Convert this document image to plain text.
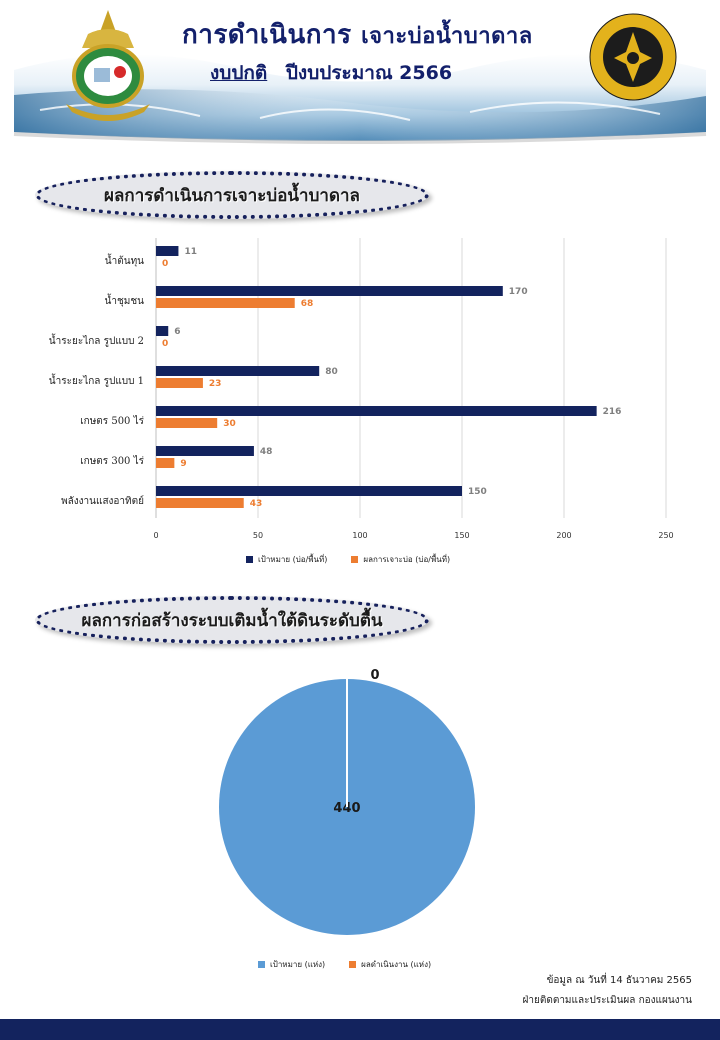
การดำเนินการ เจาะบ่อน้ำบาดาล
งบปกติ ปีงบประมาณ 2566
ผลการดำเนินการเจาะบ่อน้ำบาดาล
0	50	100	150	200	250
น้ำต้นทุน
11
0
น้ำชุมชน
170
68
น้ำระยะไกล รูปแบบ 2
6
0
น้ำระยะไกล รูปแบบ 1
80
23
เกษตร 500 ไร่
216
30
เกษตร 300 ไร่
48
9
พลังงานแสงอาทิตย์
150
43
เป้าหมาย (บ่อ/พื้นที่)	ผลการเจาะบ่อ (บ่อ/พื้นที่)
ผลการก่อสร้างระบบเติมน้ำใต้ดินระดับตื้น
440
0
เป้าหมาย (แห่ง)	ผลดำเนินงาน (แห่ง)
ข้อมูล ณ วันที่ 14 ธันวาคม 2565
ฝ่ายติดตามและประเมินผล กองแผนงาน
